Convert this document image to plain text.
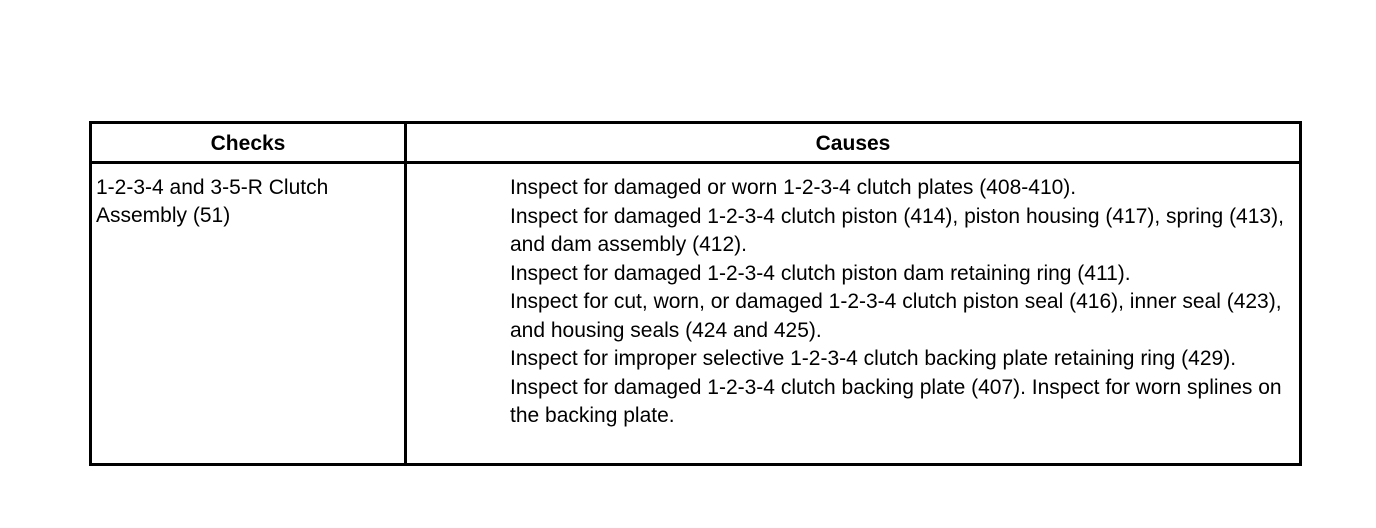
Checks	Causes
1-2-3-4 and 3-5-R Clutch Assembly (51)

Inspect for damaged or worn 1-2-3-4 clutch plates (408-410).

Inspect for damaged 1-2-3-4 clutch piston (414), piston housing (417), spring (413), and dam assembly (412).

Inspect for damaged 1-2-3-4 clutch piston dam retaining ring (411).

Inspect for cut, worn, or damaged 1-2-3-4 clutch piston seal (416), inner seal (423), and housing seals (424 and 425).

Inspect for improper selective 1-2-3-4 clutch backing plate retaining ring (429).

Inspect for damaged 1-2-3-4 clutch backing plate (407). Inspect for worn splines on the backing plate.
